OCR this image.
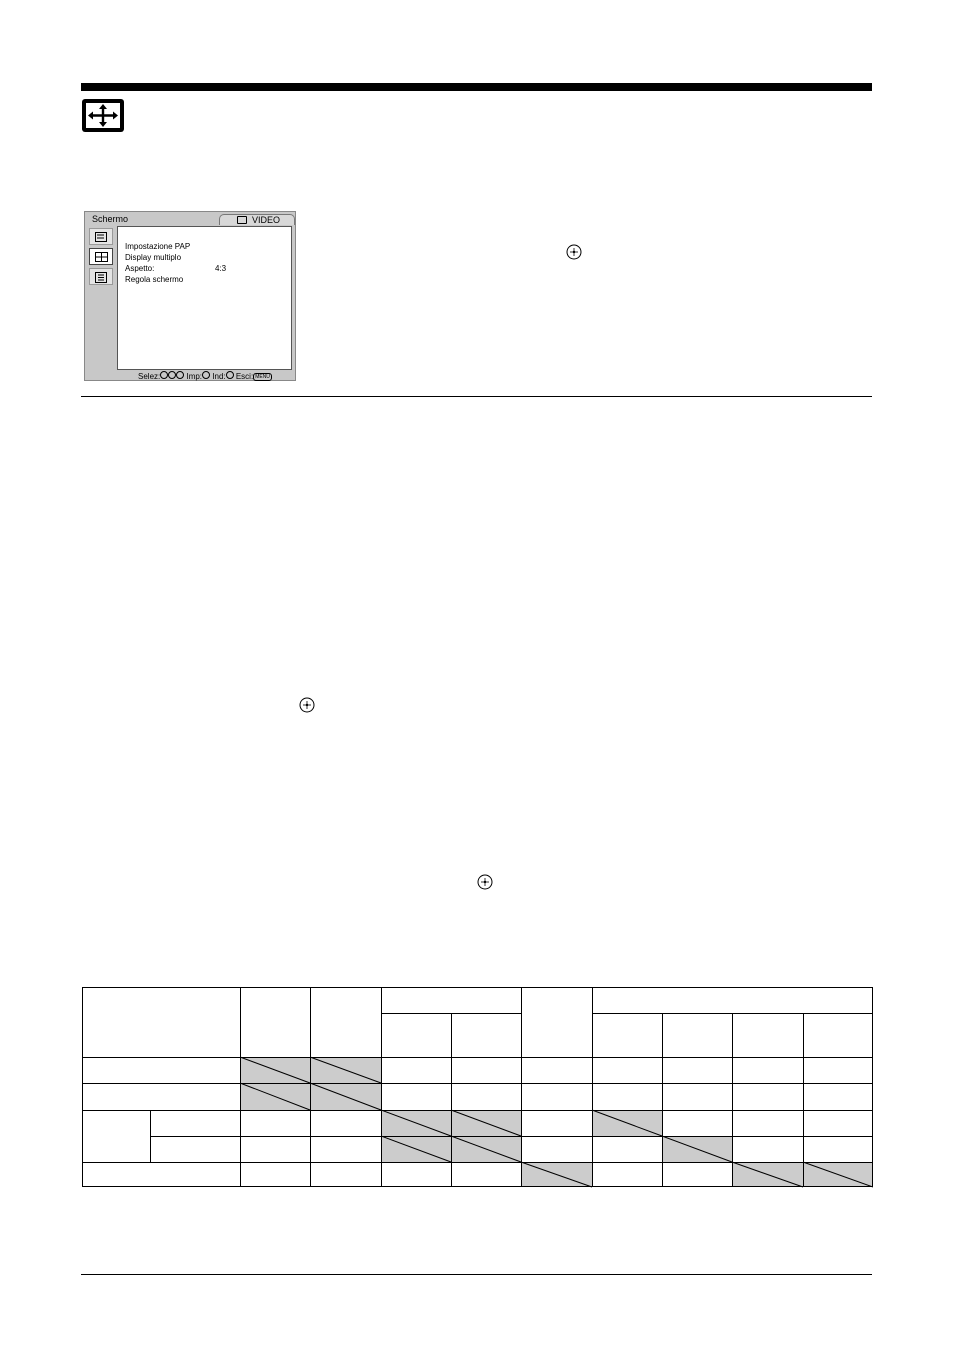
Schermo	VIDEO
Impostazione PAP
Display multiplo
Aspetto:	4:3
Regola schermo
Selez:	Imp: Ind: Esci: MENU
